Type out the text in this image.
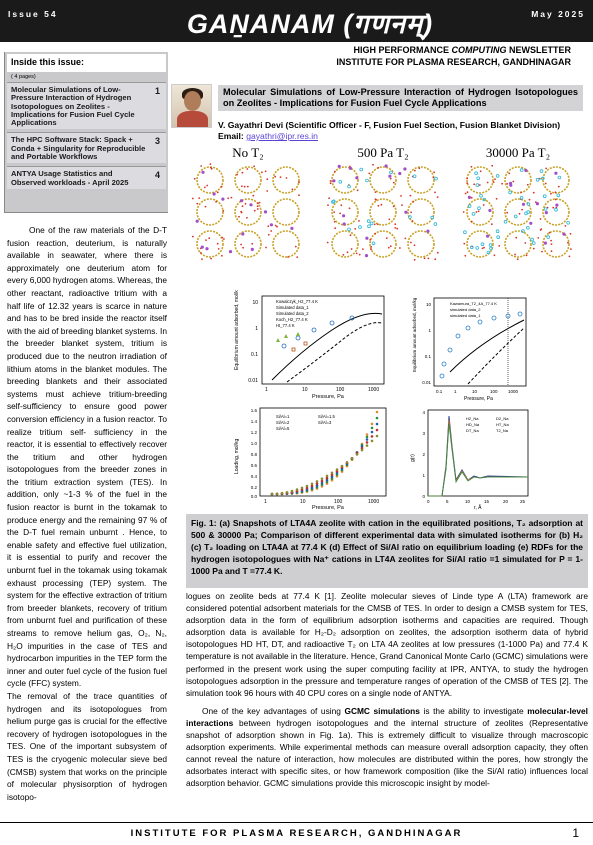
Issue 54	GAṈANAM (गणनम्)	May 2025
HIGH PERFORMANCE COMPUTING NEWSLETTER
INSTITUTE FOR PLASMA RESEARCH, GANDHINAGAR
Inside this issue:
( 4 pages)
Molecular Simulations of Low-Pressure Interaction of Hydrogen Isotopologues on Zeolites - Implications for Fusion Fuel Cycle Applications
1
The HPC Software Stack: Spack + Conda + Singularity for Reproducible and Portable Workflows
3
ANTYA Usage Statistics and Observed workloads - April 2025
4
Molecular Simulations of Low-Pressure Interaction of Hydrogen Isotopologues on Zeolites - Implications for Fusion Fuel Cycle Applications
V. Gayathri Devi (Scientific Officer - F, Fusion Fuel Section, Fusion Blanket Division)
Email: gayathri@ipr.res.in
No T₂	500 Pa T₂	30000 Pa T₂
Equilibrium amount adsorbed, mol/kg 10
1
0.1
0.01
1	10	100	1000
Pressure, Pa
Kowalczyk_H2_77.4 K
Simulated data_1
Simulated data_2
Koch_H2_77.4 K
Ht_77.4 K	Equilibrium amount adsorbed, mol/kg 10
1
0.1
0.01
0.1	1	10	100 1000
Pressure, Pa
Kawamura_T2_4A_77.4 K
simulated data_2
simulated data_1
Loading, mol/kg
1.6
1.4
1.2
1.0
0.8
0.6
0.4
0.2
0.0
1	10	100	1000
Pressure, Pa
Si/Al=1
Si/Al=2
Si/Al=5
Si/Al=1.5
Si/Al=3
g(r)
4
3
2
1
0
0	5	10	15	20	25
r, Å
H2_Na	D2_Na
HD_Na	HT_Na
DT_Na	T2_Na

One of the raw materials of the D-T fusion reaction, deuterium, is naturally available in seawater, where there is approximately one deuterium atom for every 6,000 hydrogen atoms. Whereas, the other reactant, radioactive tritium with a half life of 12.32 years is scarce in nature and has to be bred inside the reactor itself with the aid of breeding blanket systems. In the breeder blanket system, tritium is produced due to the neutron irradiation of lithium atoms in the blanket modules. The breeding blankets and their associated systems must achieve tritium-breeding self-sufficiency to ensure good power conversion efficiency in a fusion reactor. To realize tritium self- sufficiency in the reactor, it is essential to effectively recover the tritium and other hydrogen isotopologues from the breeder zones in the tritium extraction system (TES). In addition, only ~1-3 % of the fuel in the fusion reactor is burnt in the tokamak to produce energy and the remaining 97 % of the D-T fuel remain unburnt . Hence, to enable safety and effective fuel utilization, it is essential to purify and recover the unburnt fuel in the tokamak using tokamak exhaust processing (TEP) system. The system for the effective extraction of tritium from breeder blankets, recovery of tritium from unburnt fuel and purification of these streams to remove helium gas, O₂, N₂, H₂O impurities in the case of TES and hydrocarbon impurities in the TEP form the inner and outer fuel cycle of the fusion fuel cycle (FFC) system.

The removal of the trace quantities of hydrogen and its isotopologues from helium purge gas is crucial for the effective recovery of hydrogen isotopologues in the TES. One of the important subsystem of TES is the cryogenic molecular sieve bed (CMSB) system that works on the principle of molecular physisorption of hydrogen isotopo-

Fig. 1: (a) Snapshots of LTA4A zeolite with cation in the equilibrated positions, T₂ adsorption at 500 & 30000 Pa; Comparison of different experimental data with simulated isotherms for (b) H₂ (c) T₂ loading on LTA4A at 77.4 K (d) Effect of Si/Al ratio on equilibrium loading (e) RDFs for the hydrogen isotopologues with Na⁺ cations in LT4A zeolites for Si/Al ratio =1 simulated for P = 1-1000 Pa and T =77.4 K.

logues on zeolite beds at 77.4 K [1]. Zeolite molecular sieves of Linde type A (LTA) framework are considered potential adsorbent materials for the CMSB of TES. In order to design a CMSB system for TES, adsorption data in the form of equilibrium adsorption isotherms and capacities are required. Though adsorption data is available for H₂-D₂ adsorption on zeolites, the adsorption isotherm data of hybrid isotopologues HD HT, DT, and radioactive T₂ on LTA 4A zeolites at low pressures (1-1000 Pa) and 77.4 K temperature is not available in the literature. Hence, Grand Canonical Monte Carlo (GCMC) simulations were performed in the present work using the super computing facility at IPR, ANTYA, to study the hydrogen isotopologues adsorption in the pressure and temperature ranges of operation of the CMSB of TES [2]. The simulation took 96 hours with 40 CPU cores on a single node of ANTYA.

One of the key advantages of using GCMC simulations is the ability to investigate molecular-level interactions between hydrogen isotopologues and the internal structure of zeolites (Representative snapshot of adsorption shown in Fig. 1a). This is extremely difficult to visualize through macroscopic adsorption experiments. While experimental methods can measure overall adsorption capacity, they often cannot reveal the nature of interaction, how molecules are distributed within the pores, how strongly the adsorbates interact with specific sites, or how framework composition (like the Si/Al ratio) influences local adsorption behavior. GCMC simulations provide this microscopic insight by model-

INSTITUTE FOR PLASMA RESEARCH, GANDHINAGAR	1
